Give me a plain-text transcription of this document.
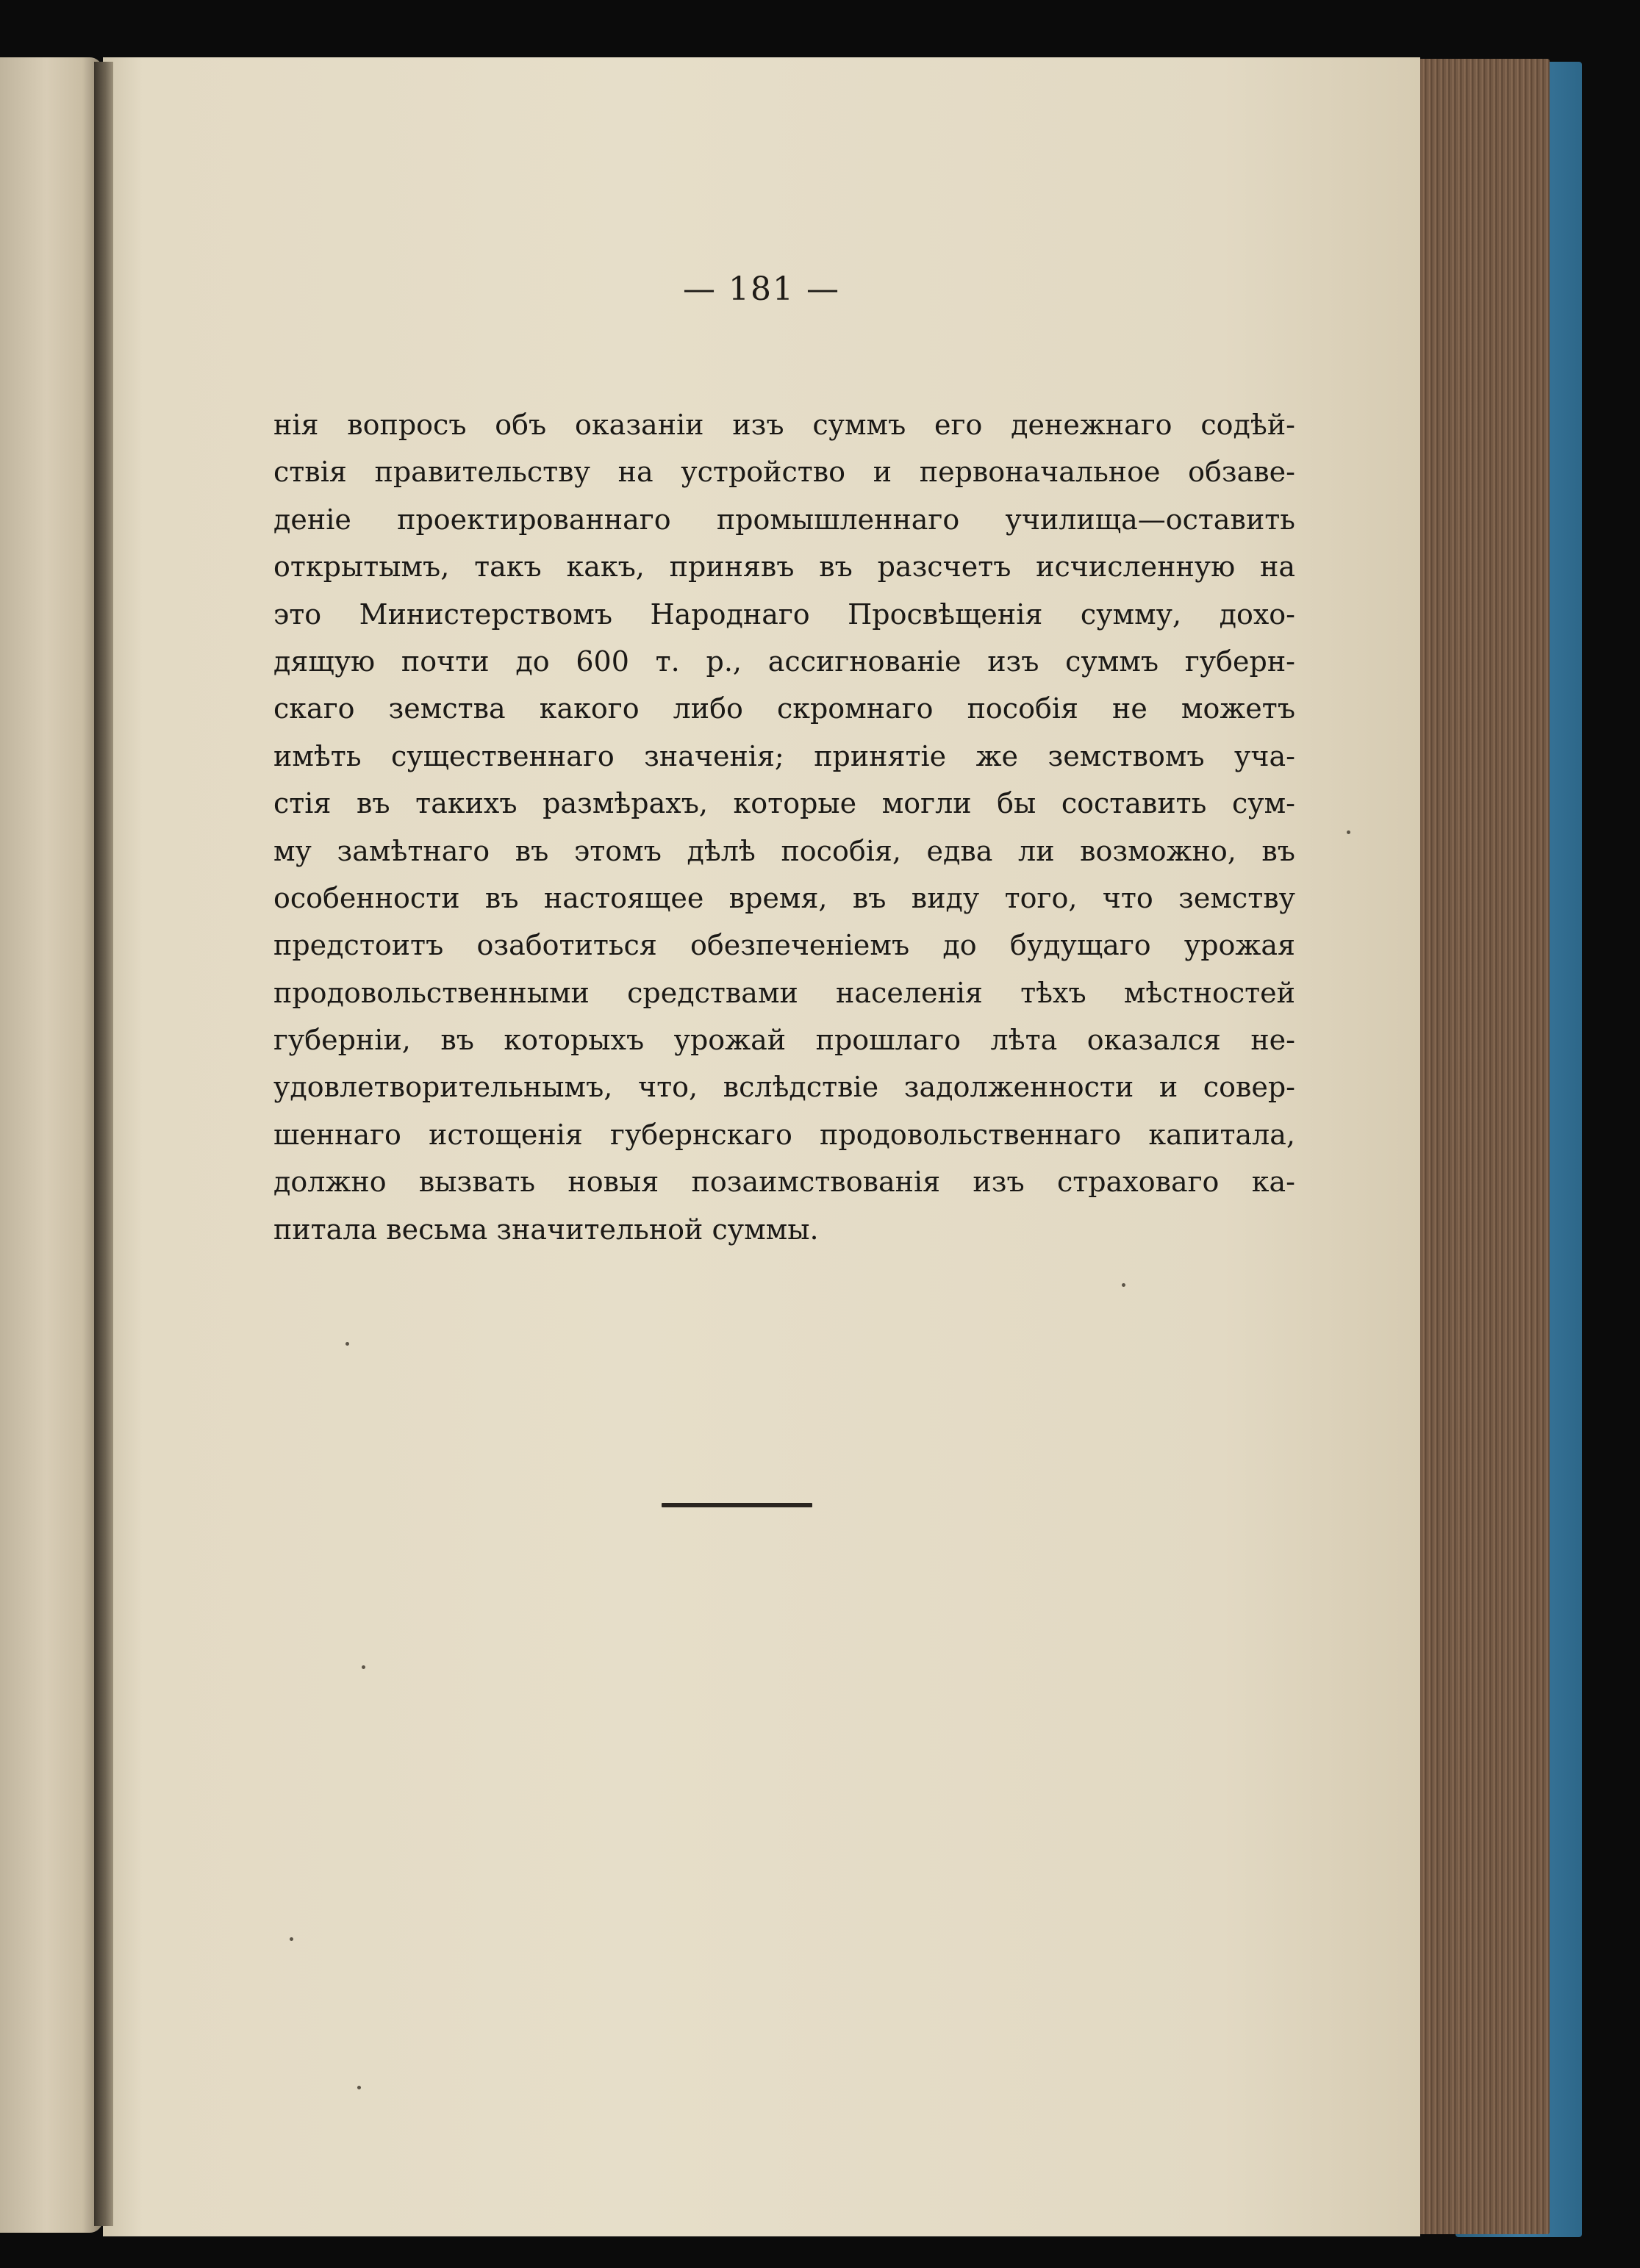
— 181 —
нія вопросъ объ оказаніи изъ суммъ его денежнаго содѣй-
ствія правительству на устройство и первоначальное обзаве-
деніе проектированнаго промышленнаго училища—оставить
открытымъ, такъ какъ, принявъ въ разсчетъ исчисленную на
это Министерствомъ Народнаго Просвѣщенія сумму, дохо-
дящую почти до 600 т. р., ассигнованіе изъ суммъ губерн-
скаго земства какого либо скромнаго пособія не можетъ
имѣть существеннаго значенія; принятіе же земствомъ уча-
стія въ такихъ размѣрахъ, которые могли бы составить сум-
му замѣтнаго въ этомъ дѣлѣ пособія, едва ли возможно, въ
особенности въ настоящее время, въ виду того, что земству
предстоитъ озаботиться обезпеченіемъ до будущаго урожая
продовольственными средствами населенія тѣхъ мѣстностей
губерніи, въ которыхъ урожай прошлаго лѣта оказался не-
удовлетворительнымъ, что, вслѣдствіе задолженности и совер-
шеннаго истощенія губернскаго продовольственнаго капитала,
должно вызвать новыя позаимствованія изъ страховаго ка-
питала весьма значительной суммы.
